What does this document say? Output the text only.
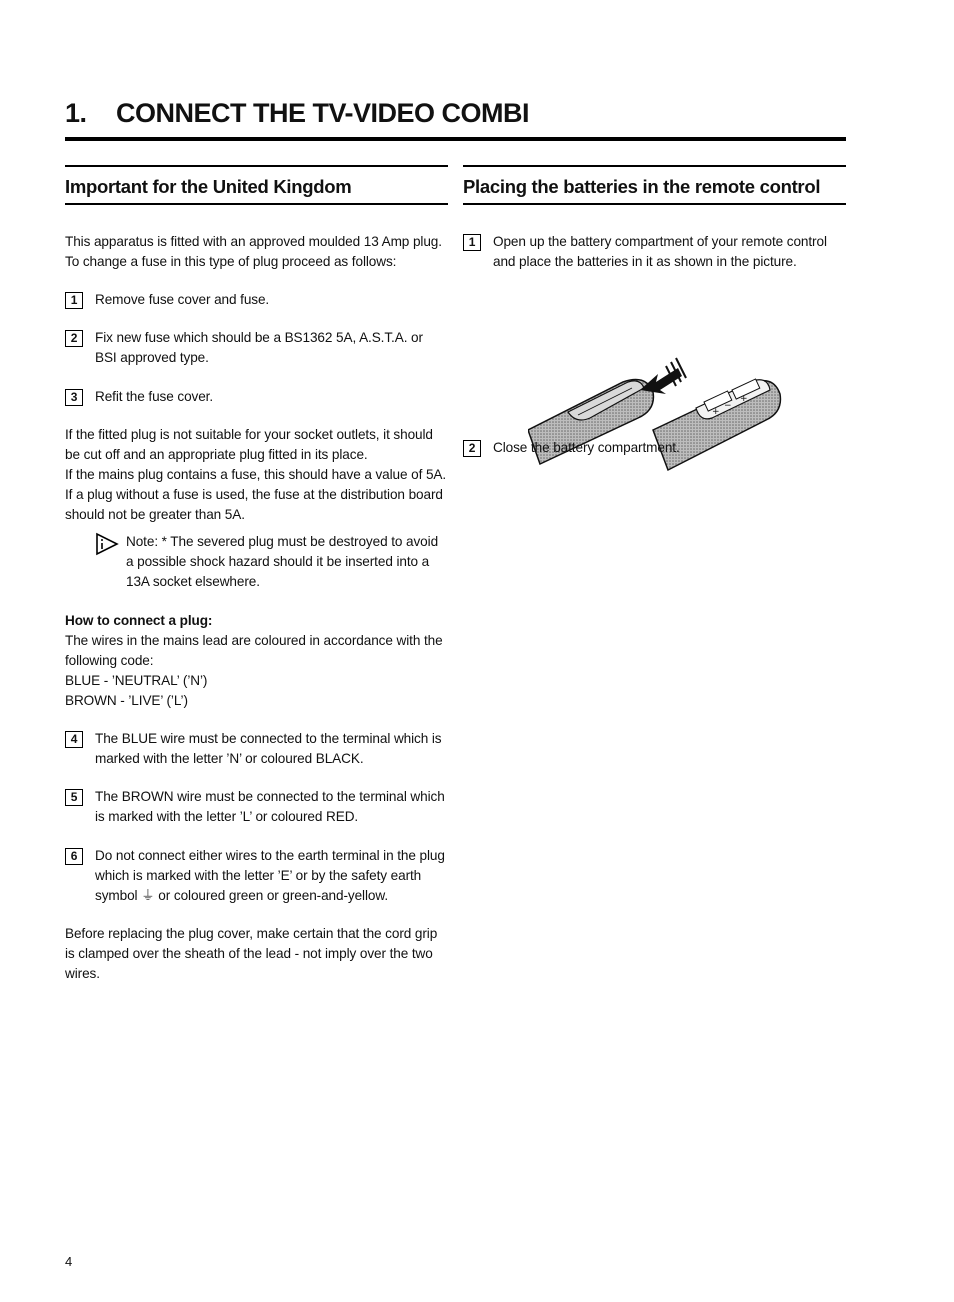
1. CONNECT THE TV-VIDEO COMBI
Important for the United Kingdom

This apparatus is fitted with an approved moulded 13 Amp plug. To change a fuse in this type of plug proceed as follows:

1	Remove fuse cover and fuse.
2	Fix new fuse which should be a BS1362 5A, A.S.T.A. or BSI approved type.
3	Refit the fuse cover.

If the fitted plug is not suitable for your socket outlets, it should be cut off and an appropriate plug fitted in its place.

If the mains plug contains a fuse, this should have a value of 5A. If a plug without a fuse is used, the fuse at the distribution board should not be greater than 5A.

Note: * The severed plug must be destroyed to avoid a possible shock hazard should it be inserted into a 13A socket elsewhere.
How to connect a plug:

The wires in the mains lead are coloured in accordance with the following code:

BLUE - ’NEUTRAL’ (’N’)
BROWN - ’LIVE’ (’L’)
4	The BLUE wire must be connected to the terminal which is marked with the letter ’N’ or coloured BLACK.
5	The BROWN wire must be connected to the terminal which is marked with the letter ’L’ or coloured RED.
6	Do not connect either wires to the earth terminal in the plug which is marked with the letter ’E’ or by the safety earth symbol ⏚ or coloured green or green-and-yellow.

Before replacing the plug cover, make certain that the cord grip is clamped over the sheath of the lead - not imply over the two wires.

Placing the batteries in the remote control
1	Open up the battery compartment of your remote control and place the batteries in it as shown in the picture.
+
−
+
2	Close the battery compartment.
4
